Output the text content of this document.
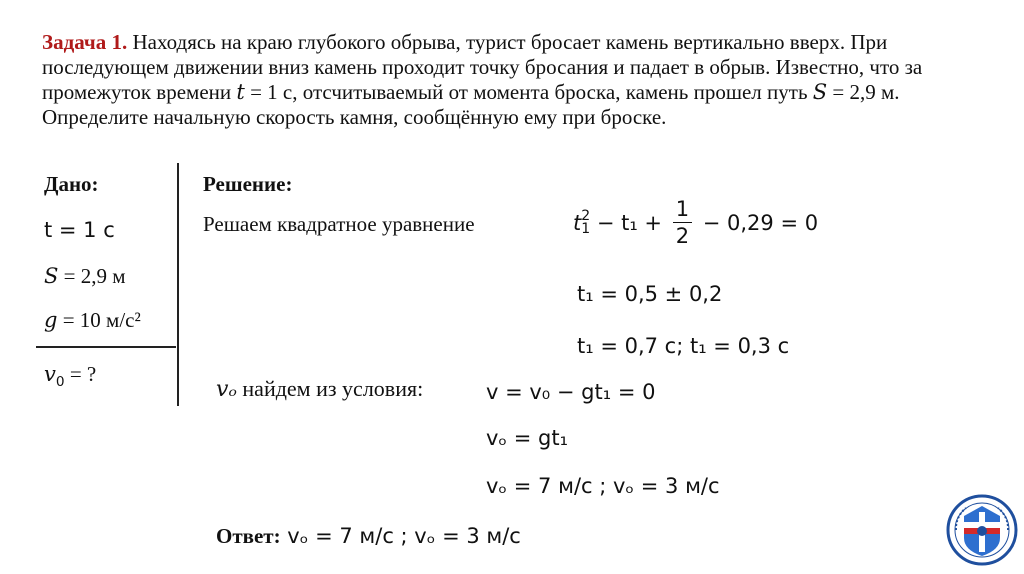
Задача 1. Находясь на краю глубокого обрыва, турист бросает камень вертикально вверх. При последующем движении вниз камень проходит точку бросания и падает в обрыв. Известно, что за промежуток времени t = 1 с, отсчитываемый от момента броска, камень прошел путь S = 2,9 м. Определите начальную скорость камня, сообщённую ему при броске.
Дано:
t = 1 с
S = 2,9 м
g = 10 м/с²
$v_0$ = ?
Решение:
Решаем квадратное уравнение	t 2
$1 - t_1 + \frac{1}{2} - 0,29 = 0$
t₁ = 0,5 ± 0,2
t₁ = 0,7 с; t₁ = 0,3 с
vₒ найдем из условия:	v = v₀ − gt₁ = 0
vₒ = gt₁
vₒ = 7 м/с ; vₒ = 3 м/с
Ответ: vₒ = 7 м/с ; vₒ = 3 м/с
